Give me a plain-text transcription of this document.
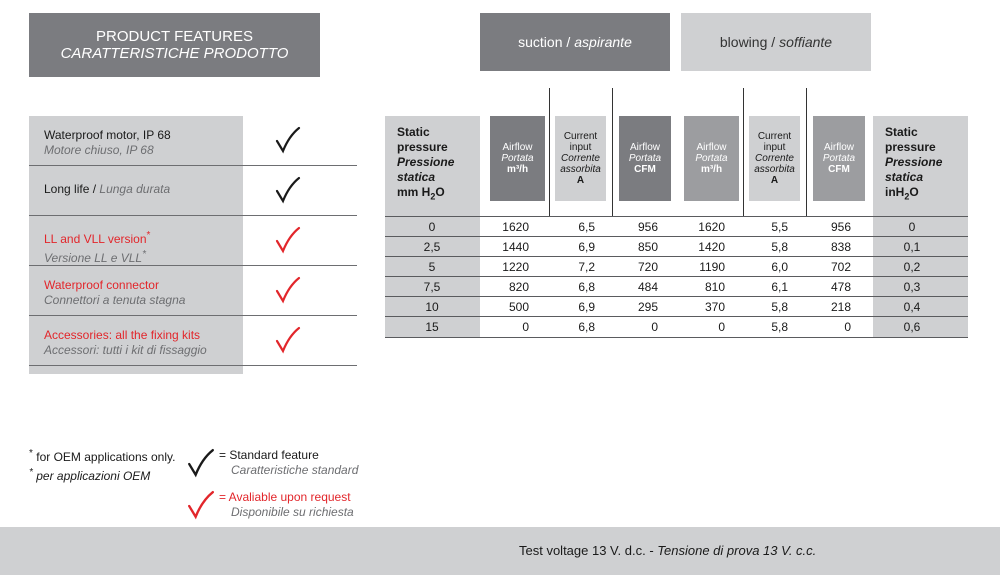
PRODUCT FEATURES
CARATTERISTICHE PRODOTTO
Waterproof motor, IP 68
Motore chiuso, IP 68
Long life / Lunga durata
LL and VLL version*
Versione LL e VLL*
Waterproof connector
Connettori a tenuta stagna
Accessories: all the fixing kits
Accessori: tutti i kit di fissaggio
suction / aspirante	blowing / soffiante
Static
pressure
Pressione
statica
mm $H_2O$
Static
pressure
Pressione
statica
inH$_2$O
Airflow
Portata
m³/h
Current
input
Corrente
assorbita
A
Airflow
Portata
CFM
Airflow
Portata
m³/h
Current
input
Corrente
assorbita
A
Airflow
Portata
CFM
0	1620	6,5	956	1620	5,5	956	0
2,5	1440	6,9	850	1420	5,8	838	0,1
5	1220	7,2	720	1190	6,0	702	0,2
7,5	820	6,8	484	810	6,1	478	0,3
10	500	6,9	295	370	5,8	218	0,4
15	0	6,8	0	0	5,8	0	0,6
* for OEM applications only.
* per applicazioni OEM
= Standard feature
Caratteristiche standard
= Avaliable upon request
Disponibile su richiesta
Test voltage 13 V. d.c. - Tensione di prova 13 V. c.c.
